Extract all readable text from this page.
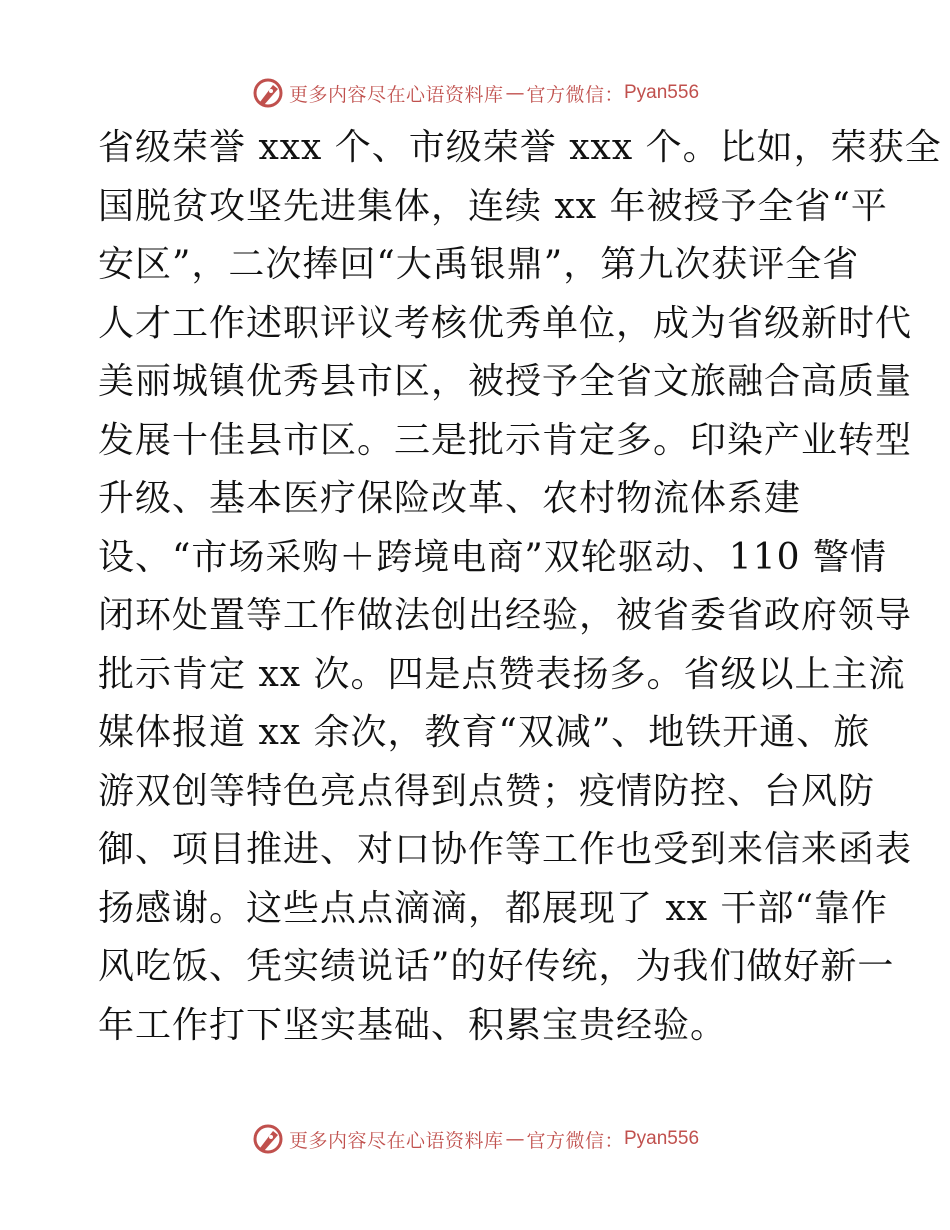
更多内容尽在心语资料库 — 官方微信： Pyan556
省级荣誉 xxx 个、市级荣誉 xxx 个。比如，荣获全
国脱贫攻坚先进集体，连续 xx 年被授予全省“平
安区”，二次捧回“大禹银鼎”，第九次获评全省
人才工作述职评议考核优秀单位，成为省级新时代
美丽城镇优秀县市区，被授予全省文旅融合高质量
发展十佳县市区。三是批示肯定多。印染产业转型
升级、基本医疗保险改革、农村物流体系建
设、“市场采购＋跨境电商”双轮驱动、110 警情
闭环处置等工作做法创出经验，被省委省政府领导
批示肯定 xx 次。四是点赞表扬多。省级以上主流
媒体报道 xx 余次，教育“双减”、地铁开通、旅
游双创等特色亮点得到点赞；疫情防控、台风防
御、项目推进、对口协作等工作也受到来信来函表
扬感谢。这些点点滴滴，都展现了 xx 干部“靠作
风吃饭、凭实绩说话”的好传统，为我们做好新一
年工作打下坚实基础、积累宝贵经验。
更多内容尽在心语资料库 — 官方微信： Pyan556
